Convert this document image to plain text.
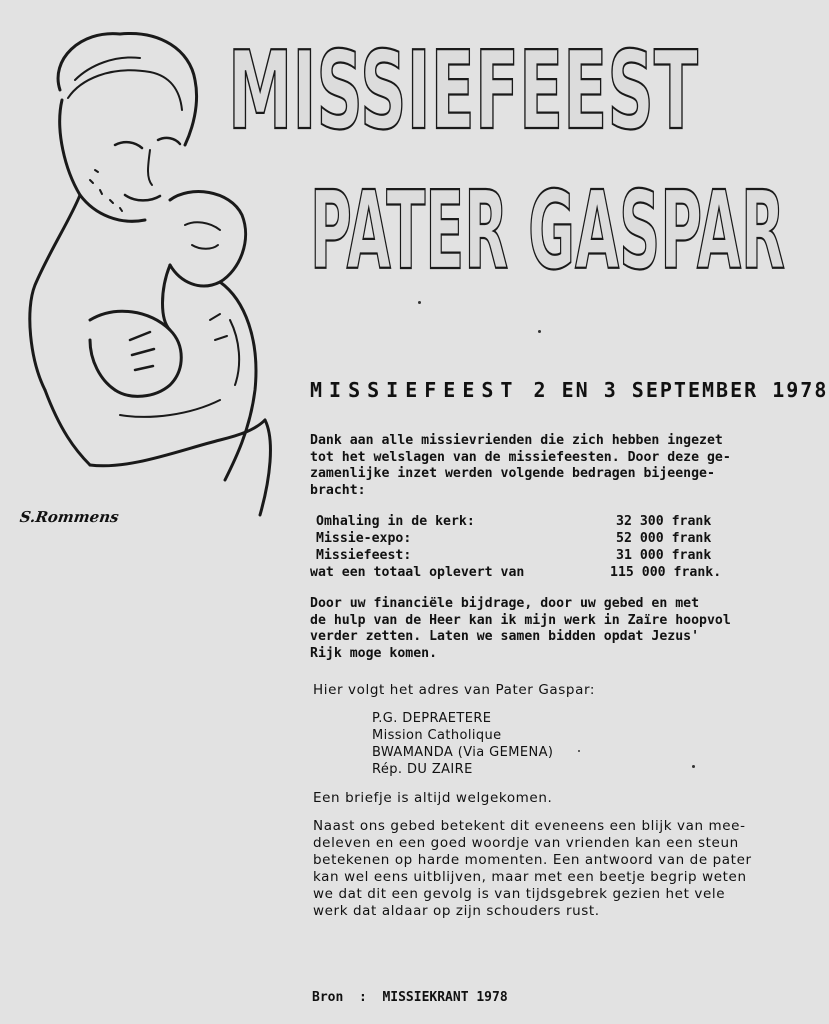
S.Rommens
MISSIEFEEST
PATER GASPAR
MISSIEFEEST 2 EN 3 SEPTEMBER 1978
Dank aan alle missievrienden die zich hebben ingezet
tot het welslagen van de missiefeesten. Door deze ge-
zamenlijke inzet werden volgende bedragen bijeenge-
bracht:
Omhaling in de kerk:	32 300 frank
Missie-expo:	52 000 frank
Missiefeest:	31 000 frank
wat een totaal oplevert van	115 000 frank.
Door uw financiële bijdrage, door uw gebed en met
de hulp van de Heer kan ik mijn werk in Zaïre hoopvol
verder zetten. Laten we samen bidden opdat Jezus'
Rijk moge komen.
Hier volgt het adres van Pater Gaspar:
P.G. DEPRAETERE
Mission Catholique
BWAMANDA (Via GEMENA)
Rép. DU ZAIRE
Een briefje is altijd welgekomen.
Naast ons gebed betekent dit eveneens een blijk van mee-
deleven en een goed woordje van vrienden kan een steun
betekenen op harde momenten. Een antwoord van de pater
kan wel eens uitblijven, maar met een beetje begrip weten
we dat dit een gevolg is van tijdsgebrek gezien het vele
werk dat aldaar op zijn schouders rust.
Bron  :  MISSIEKRANT 1978
